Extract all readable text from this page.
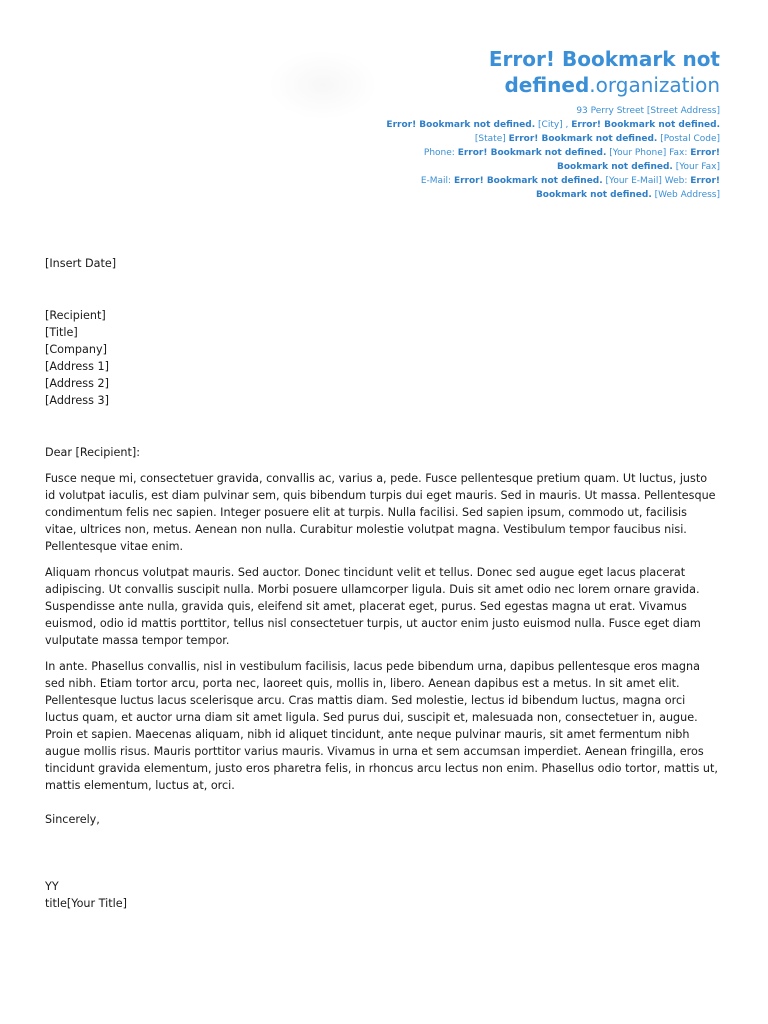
Error! Bookmark not defined.organization

93 Perry Street [Street Address]

Error! Bookmark not defined. [City] , Error! Bookmark not defined.

[State] Error! Bookmark not defined. [Postal Code]

Phone: Error! Bookmark not defined. [Your Phone] Fax: Error!

Bookmark not defined. [Your Fax]

E-Mail: Error! Bookmark not defined. [Your E-Mail] Web: Error!

Bookmark not defined. [Web Address]

[Insert Date]

[Recipient]

[Title]

[Company]

[Address 1]

[Address 2]

[Address 3]

Dear [Recipient]:

Fusce neque mi, consectetuer gravida, convallis ac, varius a, pede. Fusce pellentesque pretium quam. Ut luctus, justo id volutpat iaculis, est diam pulvinar sem, quis bibendum turpis dui eget mauris. Sed in mauris. Ut massa. Pellentesque condimentum felis nec sapien. Integer posuere elit at turpis. Nulla facilisi. Sed sapien ipsum, commodo ut, facilisis vitae, ultrices non, metus. Aenean non nulla. Curabitur molestie volutpat magna. Vestibulum tempor faucibus nisi. Pellentesque vitae enim.

Aliquam rhoncus volutpat mauris. Sed auctor. Donec tincidunt velit et tellus. Donec sed augue eget lacus placerat adipiscing. Ut convallis suscipit nulla. Morbi posuere ullamcorper ligula. Duis sit amet odio nec lorem ornare gravida. Suspendisse ante nulla, gravida quis, eleifend sit amet, placerat eget, purus. Sed egestas magna ut erat. Vivamus euismod, odio id mattis porttitor, tellus nisl consectetuer turpis, ut auctor enim justo euismod nulla. Fusce eget diam vulputate massa tempor tempor.

In ante. Phasellus convallis, nisl in vestibulum facilisis, lacus pede bibendum urna, dapibus pellentesque eros magna sed nibh. Etiam tortor arcu, porta nec, laoreet quis, mollis in, libero. Aenean dapibus est a metus. In sit amet elit. Pellentesque luctus lacus scelerisque arcu. Cras mattis diam. Sed molestie, lectus id bibendum luctus, magna orci luctus quam, et auctor urna diam sit amet ligula. Sed purus dui, suscipit et, malesuada non, consectetuer in, augue. Proin et sapien. Maecenas aliquam, nibh id aliquet tincidunt, ante neque pulvinar mauris, sit amet fermentum nibh augue mollis risus. Mauris porttitor varius mauris. Vivamus in urna et sem accumsan imperdiet. Aenean fringilla, eros tincidunt gravida elementum, justo eros pharetra felis, in rhoncus arcu lectus non enim. Phasellus odio tortor, mattis ut, mattis elementum, luctus at, orci.

Sincerely,

YY

title[Your Title]
